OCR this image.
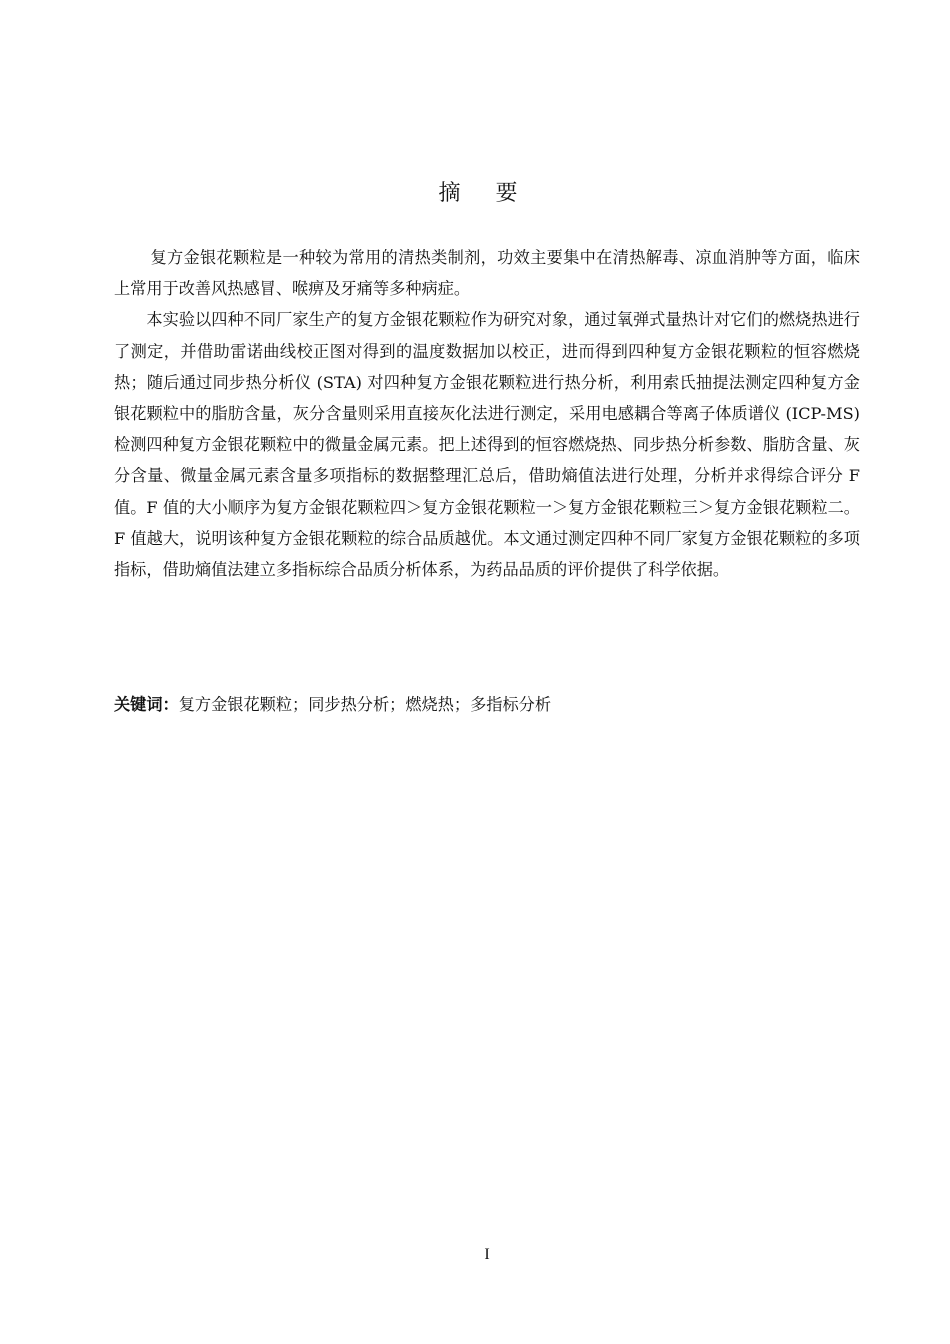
摘 要

复方金银花颗粒是一种较为常用的清热类制剂，功效主要集中在清热解毒、凉血消肿等方面，临床上常用于改善风热感冒、喉痹及牙痛等多种病症。

本实验以四种不同厂家生产的复方金银花颗粒作为研究对象，通过氧弹式量热计对它们的燃烧热进行了测定，并借助雷诺曲线校正图对得到的温度数据加以校正，进而得到四种复方金银花颗粒的恒容燃烧热；随后通过同步热分析仪 (STA) 对四种复方金银花颗粒进行热分析，利用索氏抽提法测定四种复方金银花颗粒中的脂肪含量，灰分含量则采用直接灰化法进行测定，采用电感耦合等离子体质谱仪 (ICP-MS) 检测四种复方金银花颗粒中的微量金属元素。把上述得到的恒容燃烧热、同步热分析参数、脂肪含量、灰分含量、微量金属元素含量多项指标的数据整理汇总后，借助熵值法进行处理，分析并求得综合评分 F 值。F 值的大小顺序为复方金银花颗粒四＞复方金银花颗粒一＞复方金银花颗粒三＞复方金银花颗粒二。F 值越大，说明该种复方金银花颗粒的综合品质越优。本文通过测定四种不同厂家复方金银花颗粒的多项指标，借助熵值法建立多指标综合品质分析体系，为药品品质的评价提供了科学依据。

关键词：复方金银花颗粒；同步热分析；燃烧热；多指标分析
I
